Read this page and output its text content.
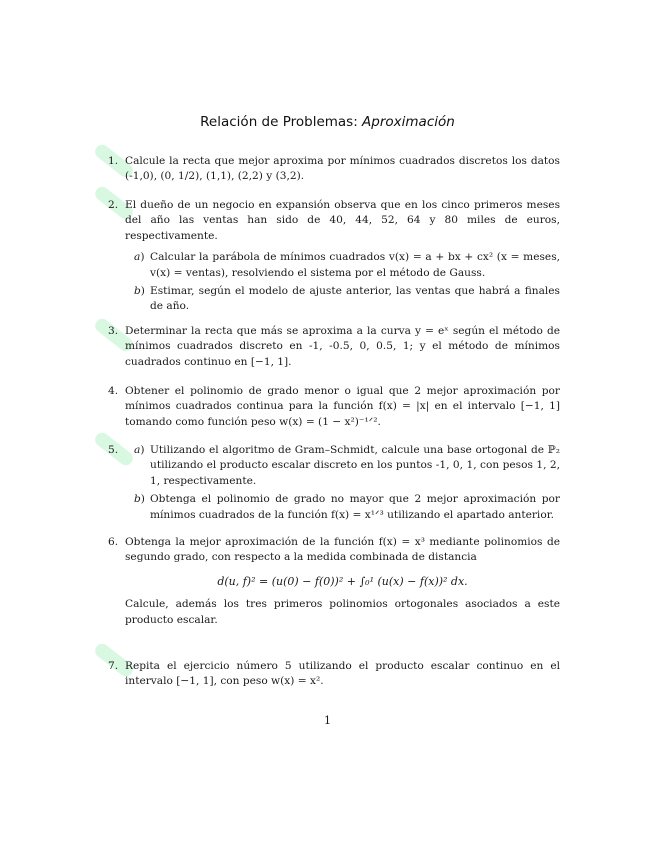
Relación de Problemas: Aproximación
1. Calcule la recta que mejor aproxima por mínimos cuadrados discretos los datos (-1,0), (0, 1/2), (1,1), (2,2) y (3,2).
2. El dueño de un negocio en expansión observa que en los cinco primeros meses del año las ventas han sido de 40, 44, 52, 64 y 80 miles de euros, respectivamente.
a) Calcular la parábola de mínimos cuadrados v(x) = a + bx + cx² (x = meses, v(x) = ventas), resolviendo el sistema por el método de Gauss.
b) Estimar, según el modelo de ajuste anterior, las ventas que habrá a finales de año.
3. Determinar la recta que más se aproxima a la curva y = eˣ según el método de mínimos cuadrados discreto en -1, -0.5, 0, 0.5, 1; y el método de mínimos cuadrados continuo en [−1, 1].
4. Obtener el polinomio de grado menor o igual que 2 mejor aproximación por mínimos cuadrados continua para la función f(x) = |x| en el intervalo [−1, 1] tomando como función peso w(x) = (1 − x²)⁻¹ᐟ².
5. a) Utilizando el algoritmo de Gram–Schmidt, calcule una base ortogonal de ℙ₂ utilizando el producto escalar discreto en los puntos -1, 0, 1, con pesos 1, 2, 1, respectivamente.
b) Obtenga el polinomio de grado no mayor que 2 mejor aproximación por mínimos cuadrados de la función f(x) = x¹ᐟ³ utilizando el apartado anterior.
6. Obtenga la mejor aproximación de la función f(x) = x³ mediante polinomios de segundo grado, con respecto a la medida combinada de distancia
d(u, f)² = (u(0) − f(0))² + ∫₀¹ (u(x) − f(x))² dx.
Calcule, además los tres primeros polinomios ortogonales asociados a este producto escalar.
7. Repita el ejercicio número 5 utilizando el producto escalar continuo en el intervalo [−1, 1], con peso w(x) = x².
1
